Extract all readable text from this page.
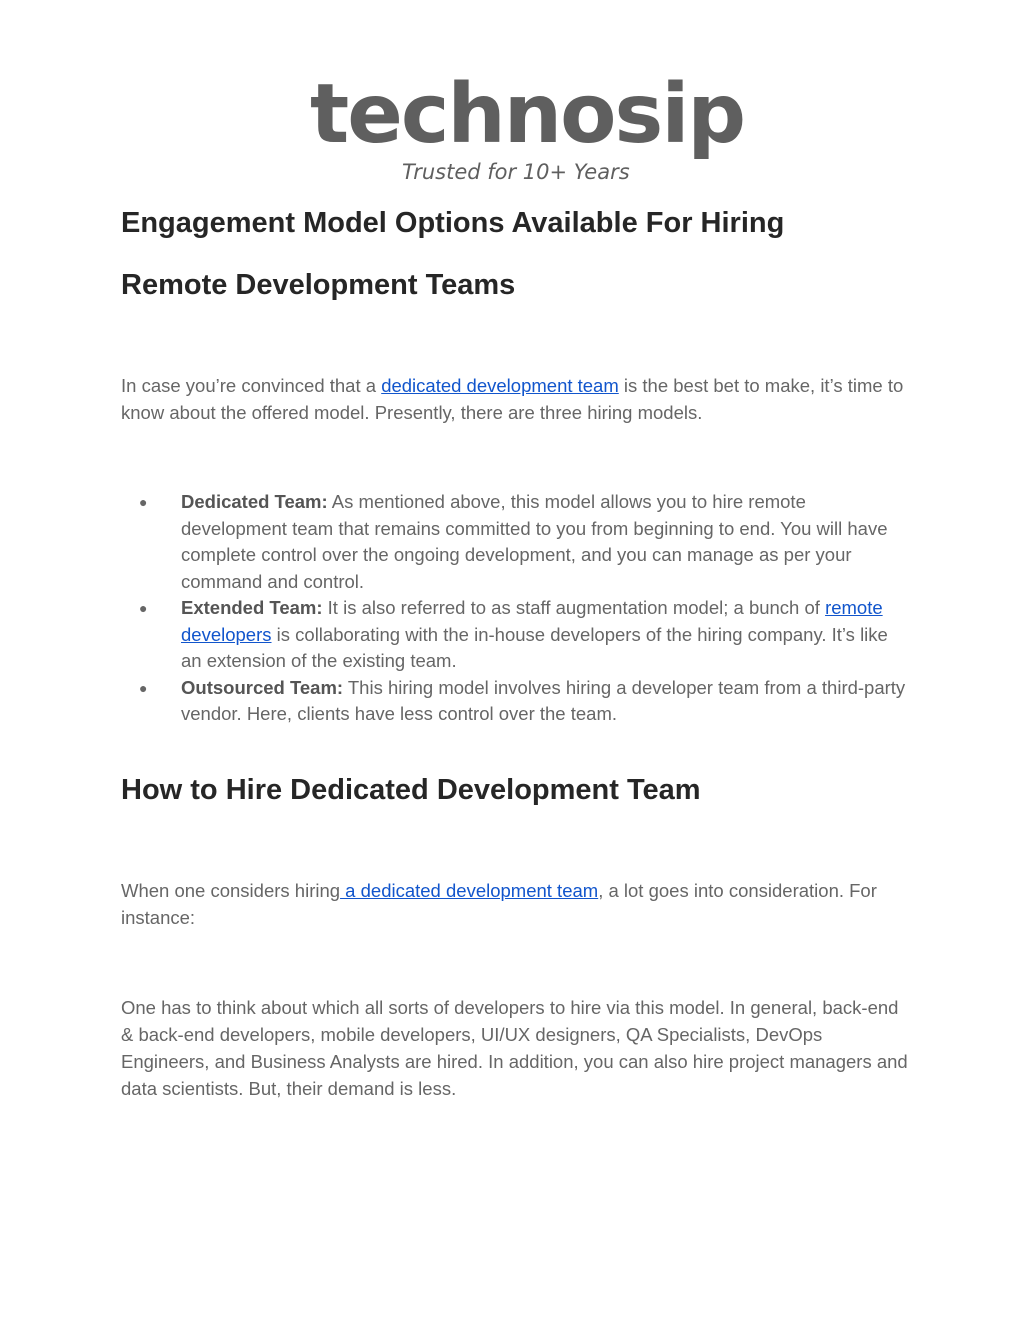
technosip
Trusted for 10+ Years
Engagement Model Options Available For Hiring
Remote Development Teams

In case you’re convinced that a dedicated development team is the best bet to make, it’s time to know about the offered model. Presently, there are three hiring models.

● Dedicated Team: As mentioned above, this model allows you to hire remote development team that remains committed to you from beginning to end. You will have complete control over the ongoing development, and you can manage as per your command and control.
● Extended Team: It is also referred to as staff augmentation model; a bunch of remote developers is collaborating with the in-house developers of the hiring company. It’s like an extension of the existing team.
● Outsourced Team: This hiring model involves hiring a developer team from a third-party vendor. Here, clients have less control over the team.
How to Hire Dedicated Development Team

When one considers hiring a dedicated development team, a lot goes into consideration. For instance:

One has to think about which all sorts of developers to hire via this model. In general, back-end & back-end developers, mobile developers, UI/UX designers, QA Specialists, DevOps Engineers, and Business Analysts are hired. In addition, you can also hire project managers and data scientists. But, their demand is less.
